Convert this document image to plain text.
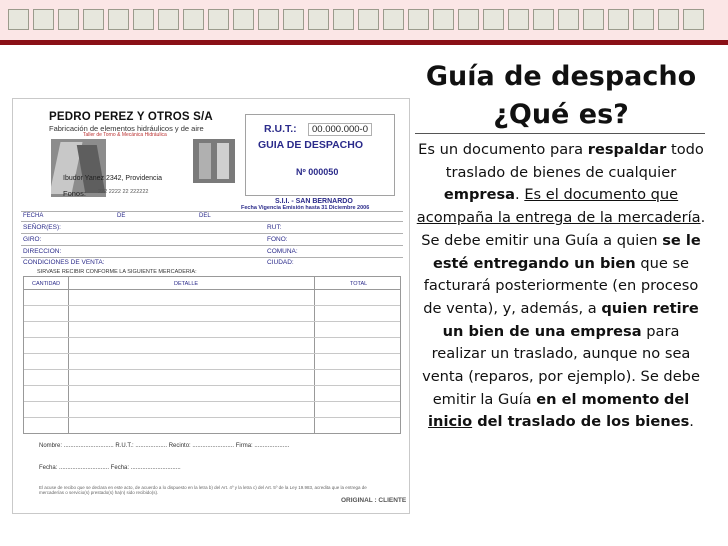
PEDRO PEREZ Y OTROS S/A
Fabricación de elementos hidráulicos y de aire
Taller de Torno & Mecánica Hidráulica
Ibudor Yanez 2342, Providencia
Fonos: 222 2222 22 222222
R.U.T.:	00.000.000-0
GUIA DE DESPACHO
Nº 000050
S.I.I. - SAN BERNARDO
Fecha Vigencia Emisión hasta 31 Diciembre 2006
FECHA	DE	DEL
SEÑOR(ES):	RUT:
GIRO:	FONO:
DIRECCION:	COMUNA:
CONDICIONES DE VENTA:	CIUDAD:
SIRVASE RECIBIR CONFORME LA SIGUIENTE MERCADERIA:
CANTIDAD	DETALLE	TOTAL
Nombre: .............................. R.U.T.: ................... Recinto: ......................... Firma: .....................
Fecha: .............................. Fecha: ..............................
El acuse de recibo que se declara en este acto, de acuerdo a lo dispuesto en la letra b) del Art. 4º y la letra c) del Art. 5º de la Ley 19.983, acredita que la entrega de mercaderías o servicio(s) prestado(s) ha(n) sido recibido(s).
ORIGINAL : CLIENTE
Guía de despacho
¿Qué es?
Es un documento para respaldar todo traslado de bienes de cualquier empresa. Es el documento que acompaña la entrega de la mercadería. Se debe emitir una Guía a quien se le esté entregando un bien que se facturará posteriormente (en proceso de venta), y, además, a quien retire un bien de una empresa para realizar un traslado, aunque no sea venta (reparos, por ejemplo). Se debe emitir la Guía en el momento del inicio del traslado de los bienes.
